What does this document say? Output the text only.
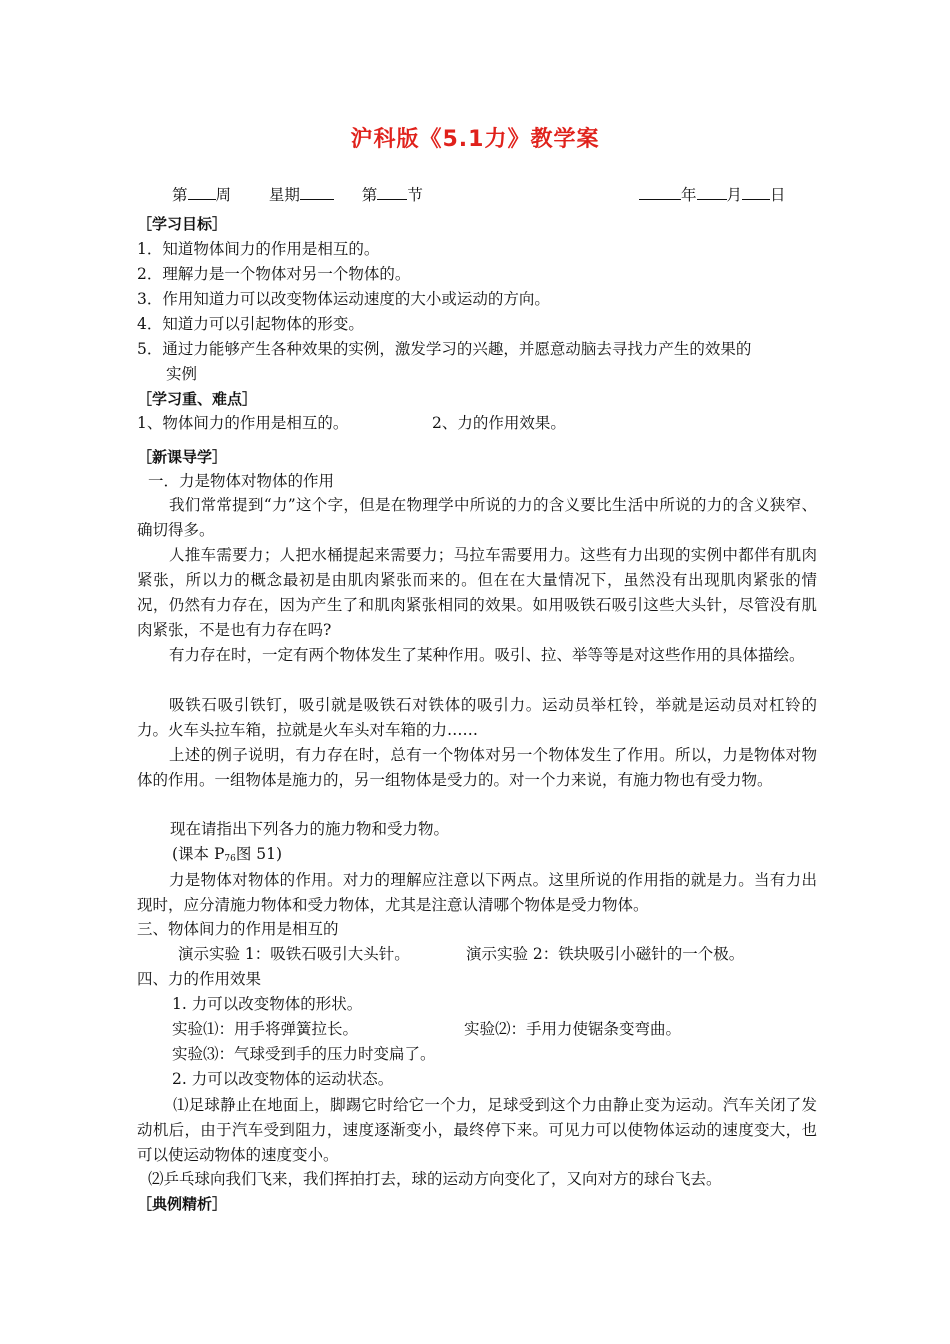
沪科版《5.1力》教学案
第 周 星期	第 节	年 月 日
［学习目标］
1．知道物体间力的作用是相互的。
2．理解力是一个物体对另一个物体的。
3．作用知道力可以改变物体运动速度的大小或运动的方向。
4．知道力可以引起物体的形变。
5．通过力能够产生各种效果的实例，激发学习的兴趣，并愿意动脑去寻找力产生的效果的
实例
［学习重、难点］
1、物体间力的作用是相互的。	2、力的作用效果。
［新课导学］
一．力是物体对物体的作用
我们常常提到“力”这个字，但是在物理学中所说的力的含义要比生活中所说的力的含义狭窄、确切得多。
人推车需要力；人把水桶提起来需要力；马拉车需要用力。这些有力出现的实例中都伴有肌肉紧张，所以力的概念最初是由肌肉紧张而来的。但在在大量情况下，虽然没有出现肌肉紧张的情况，仍然有力存在，因为产生了和肌肉紧张相同的效果。如用吸铁石吸引这些大头针，尽管没有肌肉紧张，不是也有力存在吗?
有力存在时，一定有两个物体发生了某种作用。吸引、拉、举等等是对这些作用的具体描绘。
吸铁石吸引铁钉，吸引就是吸铁石对铁体的吸引力。运动员举杠铃，举就是运动员对杠铃的力。火车头拉车箱，拉就是火车头对车箱的力……
上述的例子说明，有力存在时，总有一个物体对另一个物体发生了作用。所以，力是物体对物体的作用。一组物体是施力的，另一组物体是受力的。对一个力来说，有施力物也有受力物。
现在请指出下列各力的施力物和受力物。
(课本 $P_{76}$图 51)
力是物体对物体的作用。对力的理解应注意以下两点。这里所说的作用指的就是力。当有力出现时，应分清施力物体和受力物体，尤其是注意认清哪个物体是受力物体。
三、物体间力的作用是相互的
演示实验 1：吸铁石吸引大头针。	演示实验 2：铁块吸引小磁针的一个极。
四、力的作用效果
1. 力可以改变物体的形状。
实验⑴：用手将弹簧拉长。	实验⑵：手用力使锯条变弯曲。
实验⑶：气球受到手的压力时变扁了。
2. 力可以改变物体的运动状态。
⑴足球静止在地面上，脚踢它时给它一个力，足球受到这个力由静止变为运动。汽车关闭了发动机后，由于汽车受到阻力，速度逐渐变小，最终停下来。可见力可以使物体运动的速度变大，也可以使运动物体的速度变小。
⑵乒乓球向我们飞来，我们挥拍打去，球的运动方向变化了，又向对方的球台飞去。
［典例精析］
